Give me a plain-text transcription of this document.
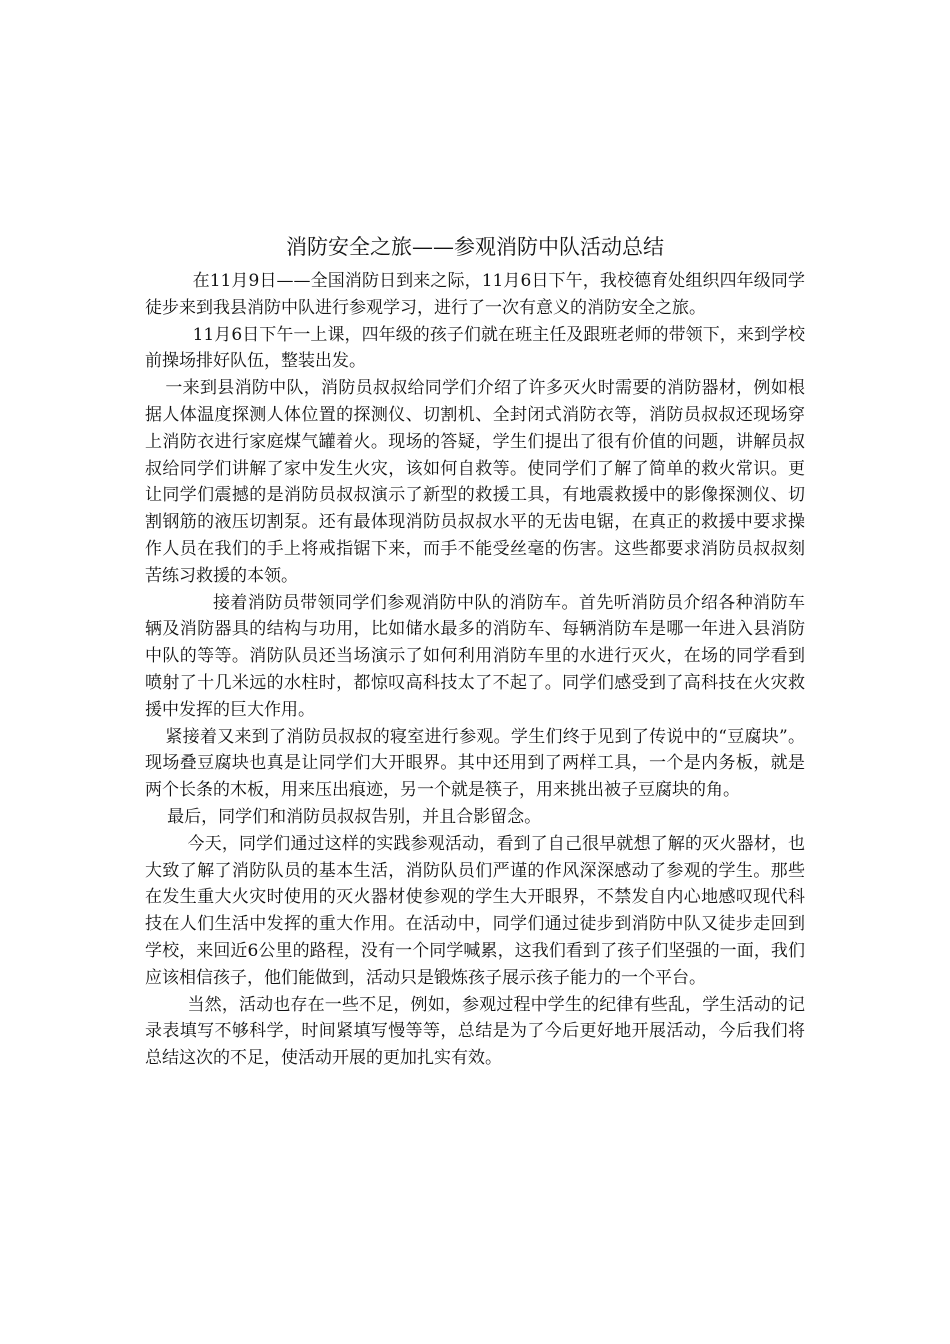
消防安全之旅——参观消防中队活动总结

在11月9日——全国消防日到来之际，11月6日下午，我校德育处组织四年级同学徒步来到我县消防中队进行参观学习，进行了一次有意义的消防安全之旅。

11月6日下午一上课，四年级的孩子们就在班主任及跟班老师的带领下，来到学校前操场排好队伍，整装出发。

一来到县消防中队，消防员叔叔给同学们介绍了许多灭火时需要的消防器材，例如根据人体温度探测人体位置的探测仪、切割机、全封闭式消防衣等，消防员叔叔还现场穿上消防衣进行家庭煤气罐着火。现场的答疑，学生们提出了很有价值的问题，讲解员叔叔给同学们讲解了家中发生火灾，该如何自救等。使同学们了解了简单的救火常识。更让同学们震撼的是消防员叔叔演示了新型的救援工具，有地震救援中的影像探测仪、切割钢筋的液压切割泵。还有最体现消防员叔叔水平的无齿电锯，在真正的救援中要求操作人员在我们的手上将戒指锯下来，而手不能受丝毫的伤害。这些都要求消防员叔叔刻苦练习救援的本领。

接着消防员带领同学们参观消防中队的消防车。首先听消防员介绍各种消防车辆及消防器具的结构与功用，比如储水最多的消防车、每辆消防车是哪一年进入县消防中队的等等。消防队员还当场演示了如何利用消防车里的水进行灭火，在场的同学看到喷射了十几米远的水柱时，都惊叹高科技太了不起了。同学们感受到了高科技在火灾救援中发挥的巨大作用。

紧接着又来到了消防员叔叔的寝室进行参观。学生们终于见到了传说中的“豆腐块”。现场叠豆腐块也真是让同学们大开眼界。其中还用到了两样工具，一个是内务板，就是两个长条的木板，用来压出痕迹，另一个就是筷子，用来挑出被子豆腐块的角。

最后，同学们和消防员叔叔告别，并且合影留念。

今天，同学们通过这样的实践参观活动，看到了自己很早就想了解的灭火器材，也大致了解了消防队员的基本生活，消防队员们严谨的作风深深感动了参观的学生。那些在发生重大火灾时使用的灭火器材使参观的学生大开眼界，不禁发自内心地感叹现代科技在人们生活中发挥的重大作用。在活动中，同学们通过徒步到消防中队又徒步走回到学校，来回近6公里的路程，没有一个同学喊累，这我们看到了孩子们坚强的一面，我们应该相信孩子，他们能做到，活动只是锻炼孩子展示孩子能力的一个平台。

当然，活动也存在一些不足，例如，参观过程中学生的纪律有些乱，学生活动的记录表填写不够科学，时间紧填写慢等等，总结是为了今后更好地开展活动，今后我们将总结这次的不足，使活动开展的更加扎实有效。
